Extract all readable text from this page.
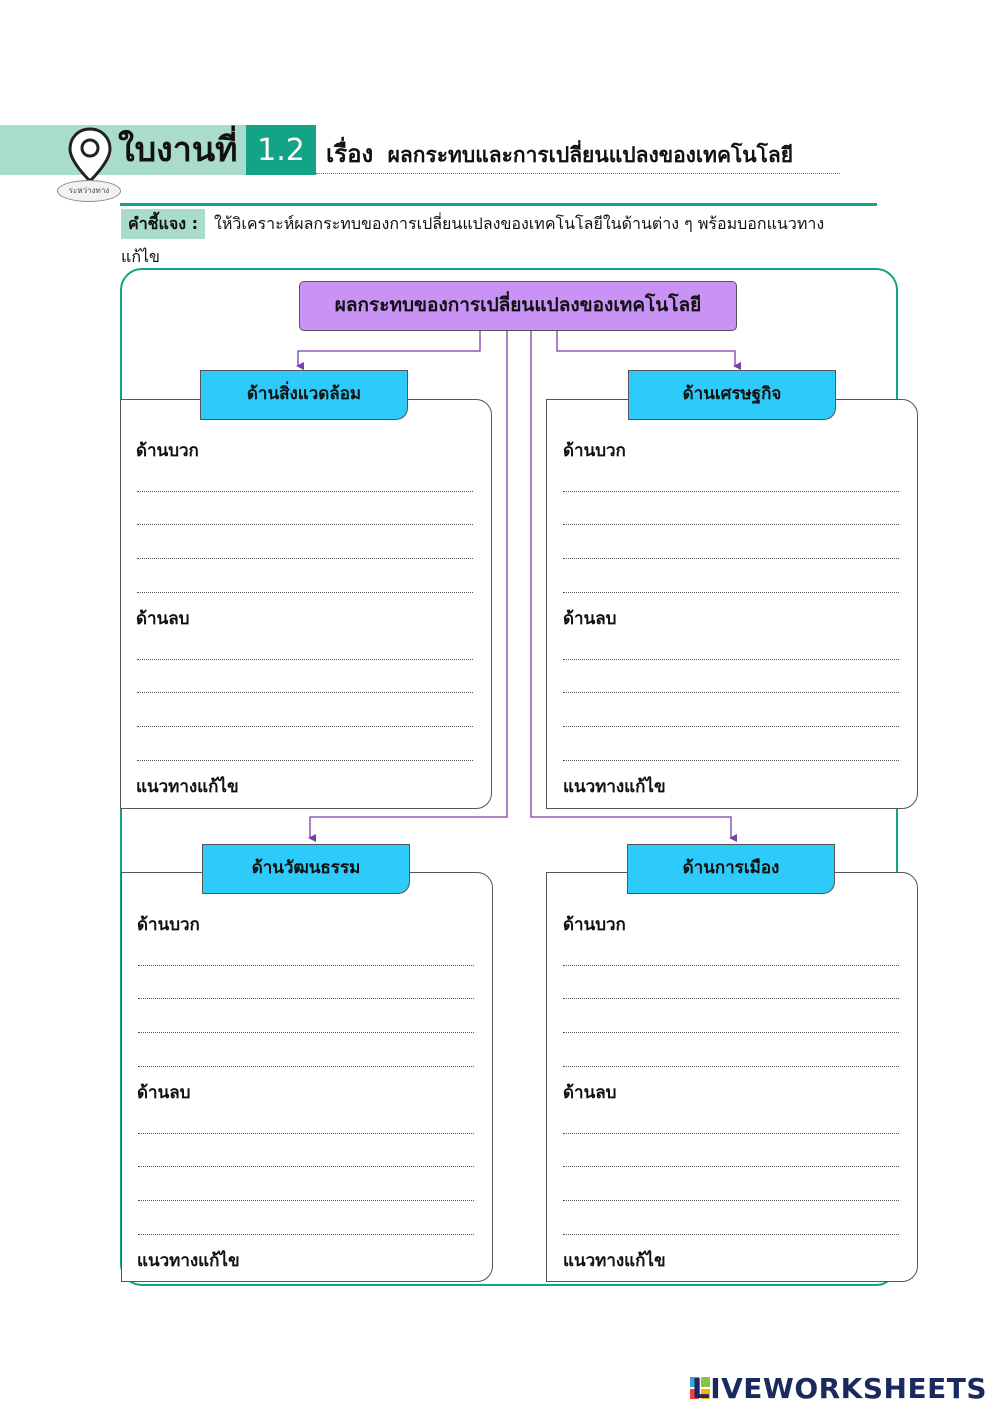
ระหว่างทาง
ใบงานที่ 1.2 เรื่อง ผลกระทบและการเปลี่ยนแปลงของเทคโนโลยี
คำชี้แจง :	ให้วิเคราะห์ผลกระทบของการเปลี่ยนแปลงของเทคโนโลยีในด้านต่าง ๆ พร้อมบอกแนวทาง
แก้ไข
ผลกระทบของการเปลี่ยนแปลงของเทคโนโลยี
ด้านสิ่งแวดล้อม
ด้านบวก
ด้านลบ
แนวทางแก้ไข
ด้านเศรษฐกิจ
ด้านบวก
ด้านลบ
แนวทางแก้ไข
ด้านวัฒนธรรม
ด้านบวก
ด้านลบ
แนวทางแก้ไข
ด้านการเมือง
ด้านบวก
ด้านลบ
แนวทางแก้ไข
LIVEWORKSHEETS
